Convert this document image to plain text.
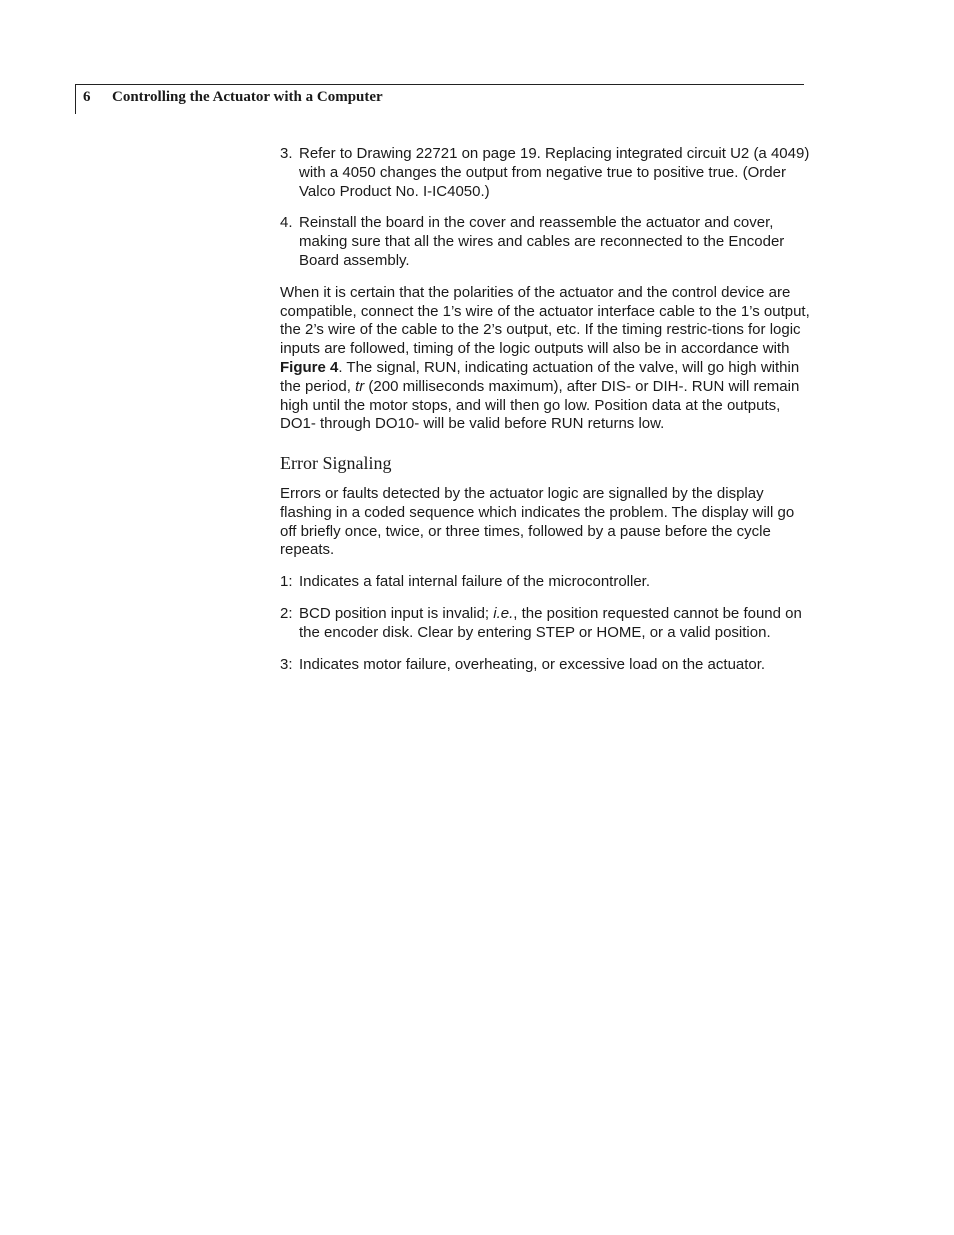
6 Controlling the Actuator with a Computer
3. Refer to Drawing 22721 on page 19. Replacing integrated circuit U2 (a 4049) with a 4050 changes the output from negative true to positive true. (Order Valco Product No. I-IC4050.)
4. Reinstall the board in the cover and reassemble the actuator and cover, making sure that all the wires and cables are reconnected to the Encoder Board assembly.

When it is certain that the polarities of the actuator and the control device are compatible, connect the 1’s wire of the actuator interface cable to the 1’s output, the 2’s wire of the cable to the 2’s output, etc. If the timing restric-tions for logic inputs are followed, timing of the logic outputs will also be in accordance with Figure 4. The signal, RUN, indicating actuation of the valve, will go high within the period, tr (200 milliseconds maximum), after DIS- or DIH-. RUN will remain high until the motor stops, and will then go low. Position data at the outputs, DO1- through DO10- will be valid before RUN returns low.

Error Signaling

Errors or faults detected by the actuator logic are signalled by the display flashing in a coded sequence which indicates the problem. The display will go off briefly once, twice, or three times, followed by a pause before the cycle repeats.

1: Indicates a fatal internal failure of the microcontroller.
2: BCD position input is invalid; i.e., the position requested cannot be found on the encoder disk. Clear by entering STEP or HOME, or a valid position.
3: Indicates motor failure, overheating, or excessive load on the actuator.
